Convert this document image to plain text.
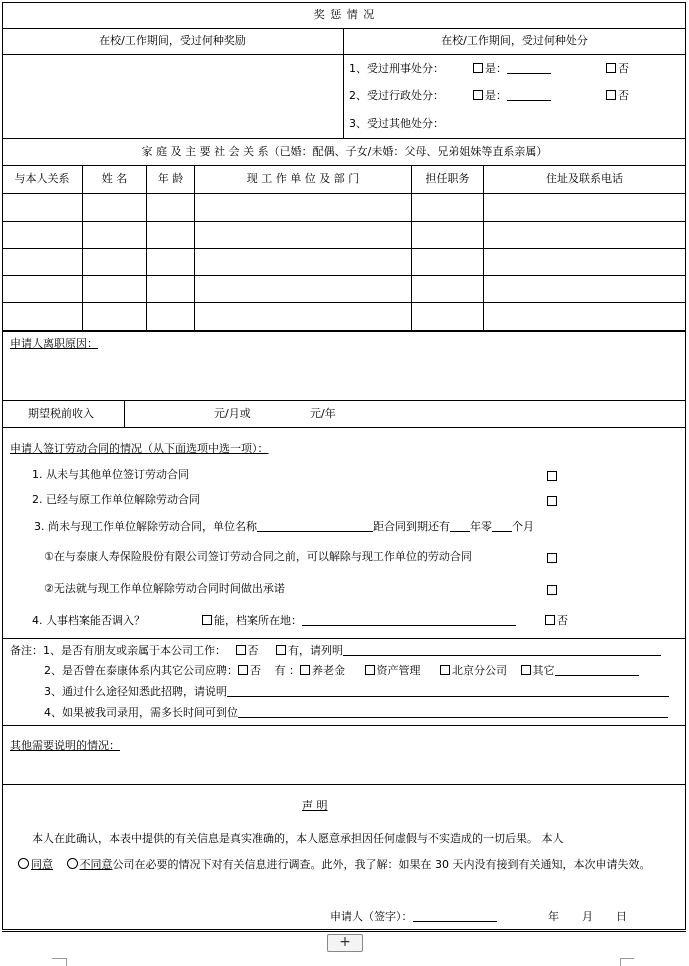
奖 惩 情 况
在校/工作期间，受过何种奖励	在校/工作期间，受过何种处分
1、受过刑事处分：	是：	否
2、受过行政处分：	是：	否
3、受过其他处分：
家 庭 及 主 要 社 会 关 系（已婚：配偶、子女/未婚：父母、兄弟姐妹等直系亲属）
与本人关系	姓 名	年 龄	现 工 作 单 位 及 部 门	担任职务	住址及联系电话
申请人离职原因：
期望税前收入	元/月或	元/年
申请人签订劳动合同的情况（从下面选项中选一项）：
1. 从未与其他单位签订劳动合同
2. 已经与原工作单位解除劳动合同
3. 尚未与现工作单位解除劳动合同，单位名称	距合同到期还有 年零 个月
①在与泰康人寿保险股份有限公司签订劳动合同之前，可以解除与现工作单位的劳动合同
②无法就与现工作单位解除劳动合同时间做出承诺
4. 人事档案能否调入？	能，档案所在地：	否
备注：1、是否有朋友或亲属于本公司工作： 否	有，请列明
2、是否曾在泰康体系内其它公司应聘： 否 有 ： 养老金	资产管理	北京分公司 其它
3、通过什么途径知悉此招聘，请说明
4、如果被我司录用，需多长时间可到位
其他需要说明的情况：
声 明
本人在此确认，本表中提供的有关信息是真实准确的，本人愿意承担因任何虚假与不实造成的一切后果。 本人
同意 不同意公司在必要的情况下对有关信息进行调查。此外，我了解：如果在 30 天内没有接到有关通知，本次申请失效。
申请人（签字）：	年 月 日
+
